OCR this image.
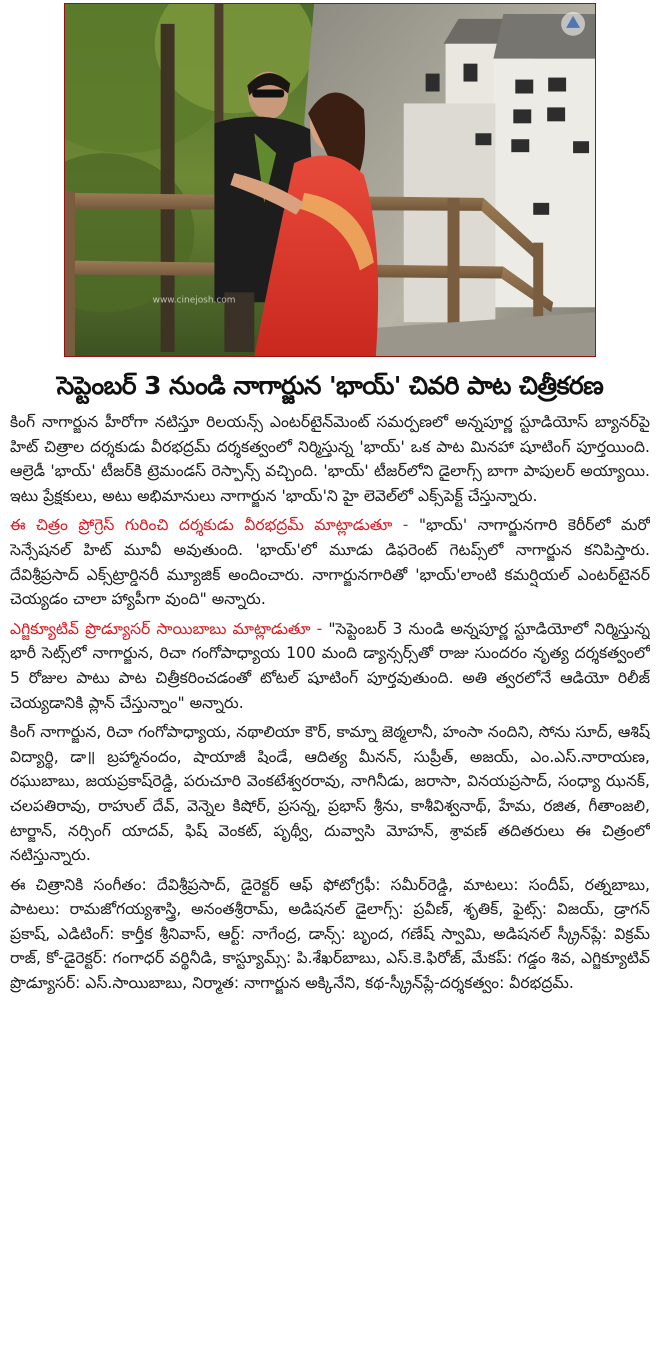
www.cinejosh.com
సెప్టెంబర్ 3 నుండి నాగార్జున 'భాయ్' చివరి పాట చిత్రీకరణ

కింగ్ నాగార్జున హీరోగా నటిస్తూ రిలయన్స్ ఎంటర్‌టైన్‌మెంట్ సమర్పణలో అన్నపూర్ణ స్టూడియోస్ బ్యానర్‌పై హిట్ చిత్రాల దర్శకుడు వీరభద్రమ్ దర్శకత్వంలో నిర్మిస్తున్న 'భాయ్' ఒక పాట మినహా షూటింగ్ పూర్తయింది. ఆల్రెడీ 'భాయ్' టీజర్‌కి ట్రెమండస్ రెస్పాన్స్ వచ్చింది. 'భాయ్' టీజర్‌లోని డైలాగ్స్ బాగా పాపులర్ అయ్యాయి. ఇటు ప్రేక్షకులు, అటు అభిమానులు నాగార్జున 'భాయ్'ని హై లెవెల్‌లో ఎక్స్‌పెక్ట్ చేస్తున్నారు.

ఈ చిత్రం ప్రోగ్రెస్ గురించి దర్శకుడు వీరభద్రమ్ మాట్లాడుతూ - "భాయ్' నాగార్జునగారి కెరీర్‌లో మరో సెన్సేషనల్ హిట్ మూవీ అవుతుంది. 'భాయ్'లో మూడు డిఫరెంట్ గెటప్స్‌లో నాగార్జున కనిపిస్తారు. దేవిశ్రీప్రసాద్ ఎక్స్‌ట్రార్డినరీ మ్యూజిక్ అందించారు. నాగార్జునగారితో 'భాయ్'లాంటి కమర్షియల్ ఎంటర్‌టైనర్ చెయ్యడం చాలా హ్యాపీగా వుంది" అన్నారు.

ఎగ్జిక్యూటివ్ ప్రొడ్యూసర్ సాయిబాబు మాట్లాడుతూ - "సెప్టెంబర్ 3 నుండి అన్నపూర్ణ స్టూడియోలో నిర్మిస్తున్న భారీ సెట్స్‌లో నాగార్జున, రిచా గంగోపాధ్యాయ 100 మంది డ్యాన్సర్స్‌తో రాజు సుందరం నృత్య దర్శకత్వంలో 5 రోజుల పాటు పాట చిత్రీకరించడంతో టోటల్ షూటింగ్ పూర్తవుతుంది. అతి త్వరలోనే ఆడియో రిలీజ్ చెయ్యడానికి ప్లాన్ చేస్తున్నాం" అన్నారు.

కింగ్ నాగార్జున, రిచా గంగోపాధ్యాయ, నథాలియా కౌర్, కామ్నా జెఠ్మలానీ, హంసా నందిని, సోను సూద్, ఆశిష్ విద్యార్థి, డా॥ బ్రహ్మానందం, షాయాజీ షిండే, ఆదిత్య మీనన్, సుప్రీత్, అజయ్, ఎం.ఎస్.నారాయణ, రఘుబాబు, జయప్రకాష్‌రెడ్డి, పరుచూరి వెంకటేశ్వరరావు, నాగినీడు, జరాసా, వినయప్రసాద్, సంధ్యా ఝనక్, చలపతిరావు, రాహుల్ దేవ్, వెన్నెల కిషోర్, ప్రసన్న, ప్రభాస్ శ్రీను, కాశీవిశ్వనాథ్, హేమ, రజిత, గీతాంజలి, టార్జాన్, నర్సింగ్ యాదవ్, ఫిష్ వెంకట్, పృథ్వీ, దువ్వాసి మోహన్, శ్రావణ్ తదితరులు ఈ చిత్రంలో నటిస్తున్నారు.

ఈ చిత్రానికి సంగీతం: దేవిశ్రీప్రసాద్, డైరెక్టర్ ఆఫ్ ఫోటోగ్రఫీ: సమీర్‌రెడ్డి, మాటలు: సందీప్, రత్నబాబు, పాటలు: రామజోగయ్యశాస్త్రి, అనంతశ్రీరామ్, అడిషనల్ డైలాగ్స్: ప్రవీణ్, శృతిక్, ఫైట్స్: విజయ్, డ్రాగన్ ప్రకాష్, ఎడిటింగ్: కార్తీక శ్రీనివాస్, ఆర్ట్: నాగేంద్ర, డాన్స్: బృంద, గణేష్ స్వామి, అడిషనల్ స్క్రీన్‌ప్లే: విక్రమ్ రాజ్, కో-డైరెక్టర్: గంగాధర్ వర్థినీడి, కాస్ట్యూమ్స్: పి.శేఖర్‌బాబు, ఎస్.కె.ఫిరోజ్, మేకప్: గడ్డం శివ, ఎగ్జిక్యూటివ్ ప్రొడ్యూసర్: ఎస్.సాయిబాబు, నిర్మాత: నాగార్జున అక్కినేని, కథ-స్క్రీన్‌ప్లే-దర్శకత్వం: వీరభద్రమ్.
